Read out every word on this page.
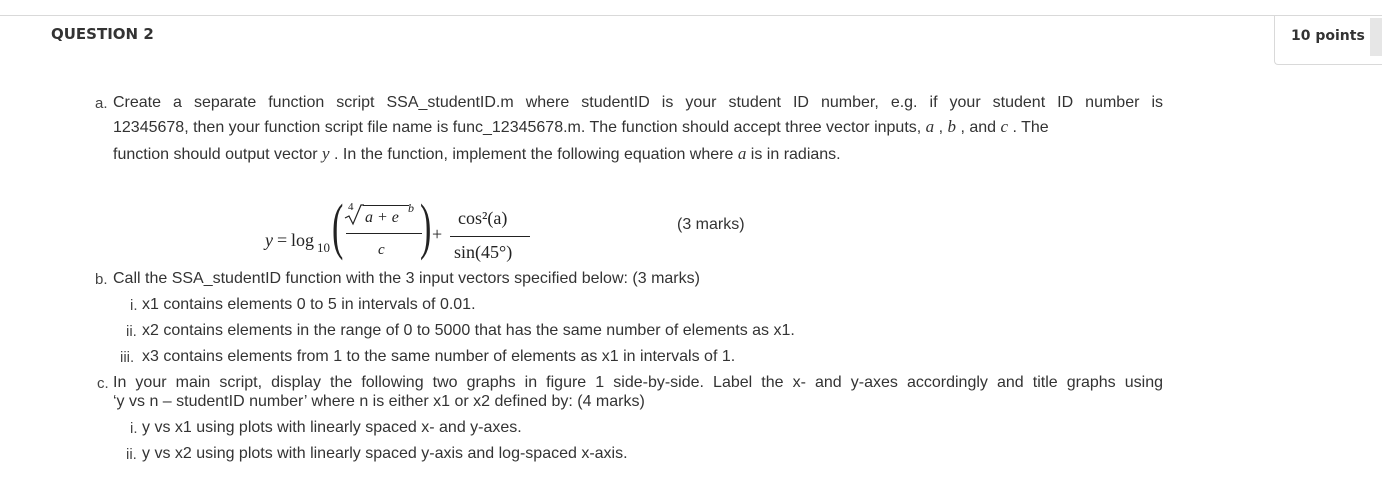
QUESTION 2	10 points
a. Create a separate function script SSA_studentID.m where studentID is your student ID number, e.g. if your student ID number is
12345678, then your function script file name is func_12345678.m. The function should accept three vector inputs, a , b , and c . The
function should output vector y . In the function, implement the following equation where a is in radians.
y = log 10 ( 4
a + e
b
c ) +
cos²(a)
sin(45°)
(3 marks)
b. Call the SSA_studentID function with the 3 input vectors specified below: (3 marks)
i. x1 contains elements 0 to 5 in intervals of 0.01.
ii. x2 contains elements in the range of 0 to 5000 that has the same number of elements as x1.
iii. x3 contains elements from 1 to the same number of elements as x1 in intervals of 1.
c. In your main script, display the following two graphs in figure 1 side-by-side. Label the x- and y-axes accordingly and title graphs using
‘y vs n – studentID number’ where n is either x1 or x2 defined by: (4 marks)
i. y vs x1 using plots with linearly spaced x- and y-axes.
ii. y vs x2 using plots with linearly spaced y-axis and log-spaced x-axis.
